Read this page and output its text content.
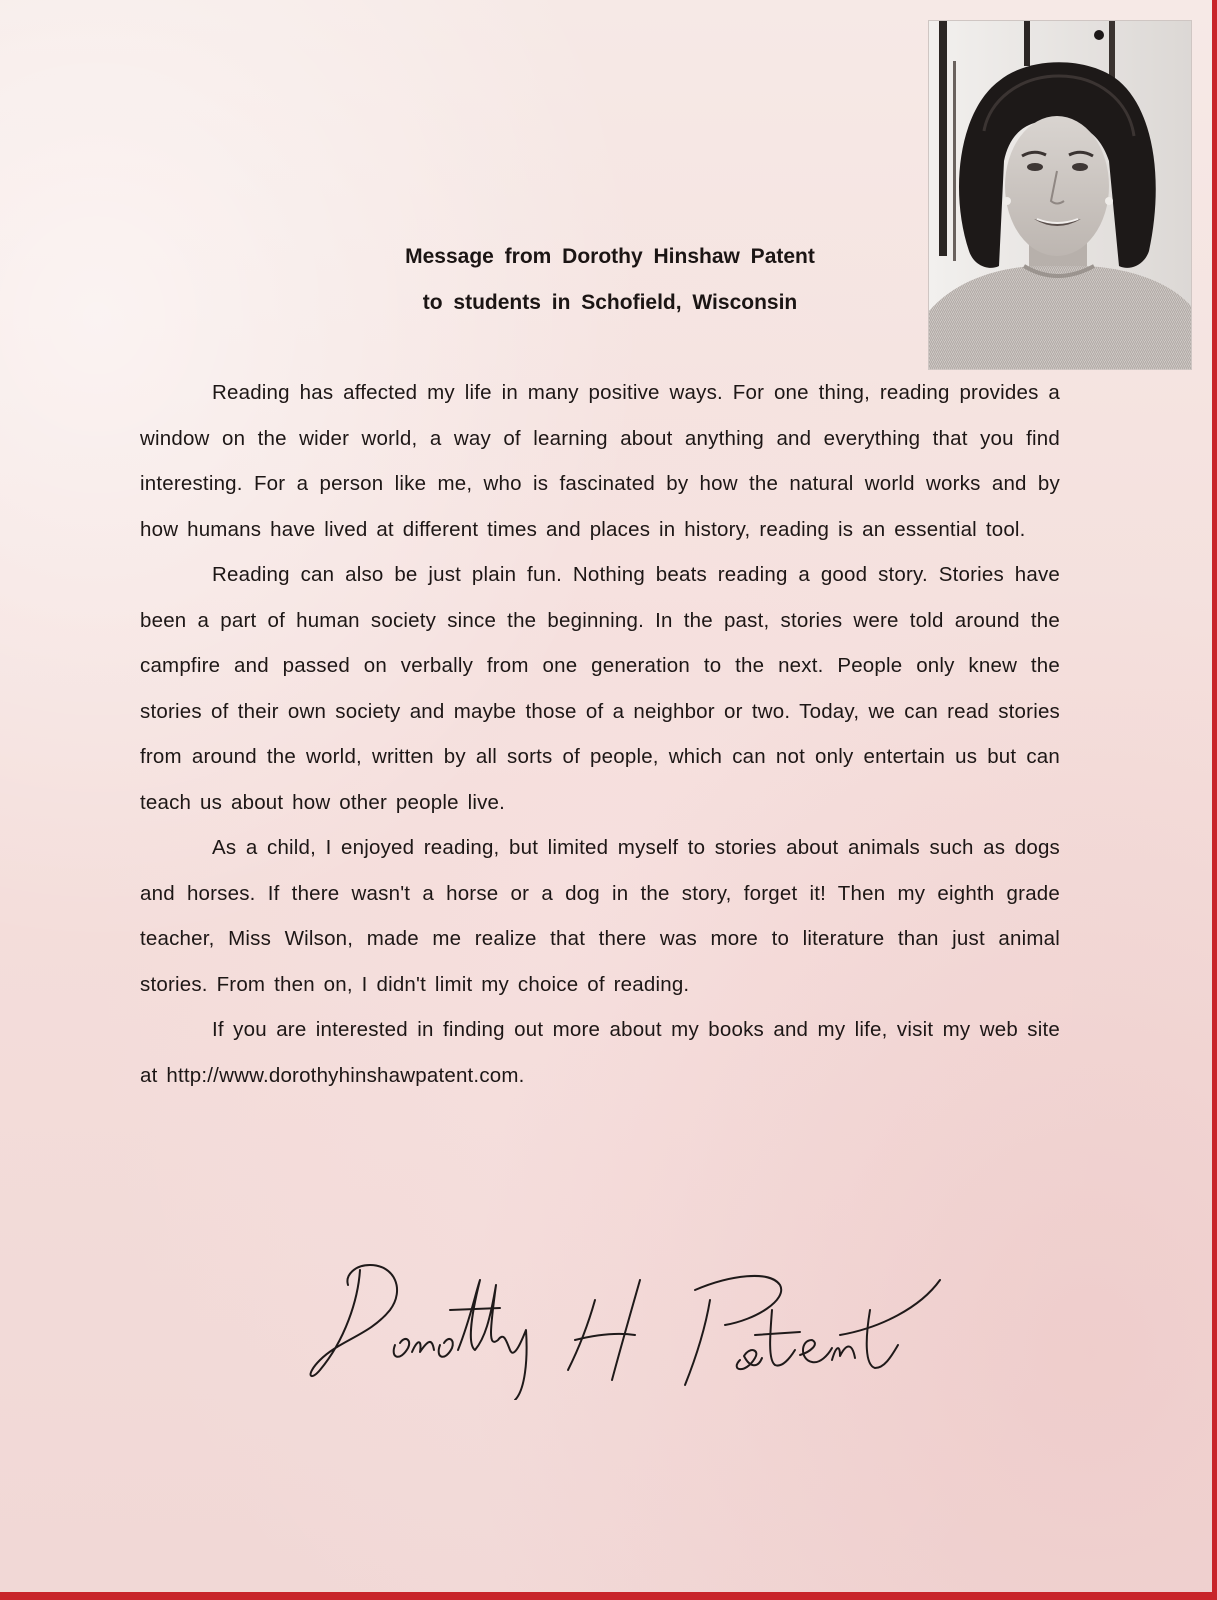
Message from Dorothy Hinshaw Patent
to students in Schofield, Wisconsin

Reading has affected my life in many positive ways. For one thing, reading provides a window on the wider world, a way of learning about anything and everything that you find interesting. For a person like me, who is fascinated by how the natural world works and by how humans have lived at different times and places in history, reading is an essential tool.

Reading can also be just plain fun. Nothing beats reading a good story. Stories have been a part of human society since the beginning. In the past, stories were told around the campfire and passed on verbally from one generation to the next. People only knew the stories of their own society and maybe those of a neighbor or two. Today, we can read stories from around the world, written by all sorts of people, which can not only entertain us but can teach us about how other people live.

As a child, I enjoyed reading, but limited myself to stories about animals such as dogs and horses. If there wasn't a horse or a dog in the story, forget it! Then my eighth grade teacher, Miss Wilson, made me realize that there was more to literature than just animal stories. From then on, I didn't limit my choice of reading.

If you are interested in finding out more about my books and my life, visit my web site at http://www.dorothyhinshawpatent.com.
